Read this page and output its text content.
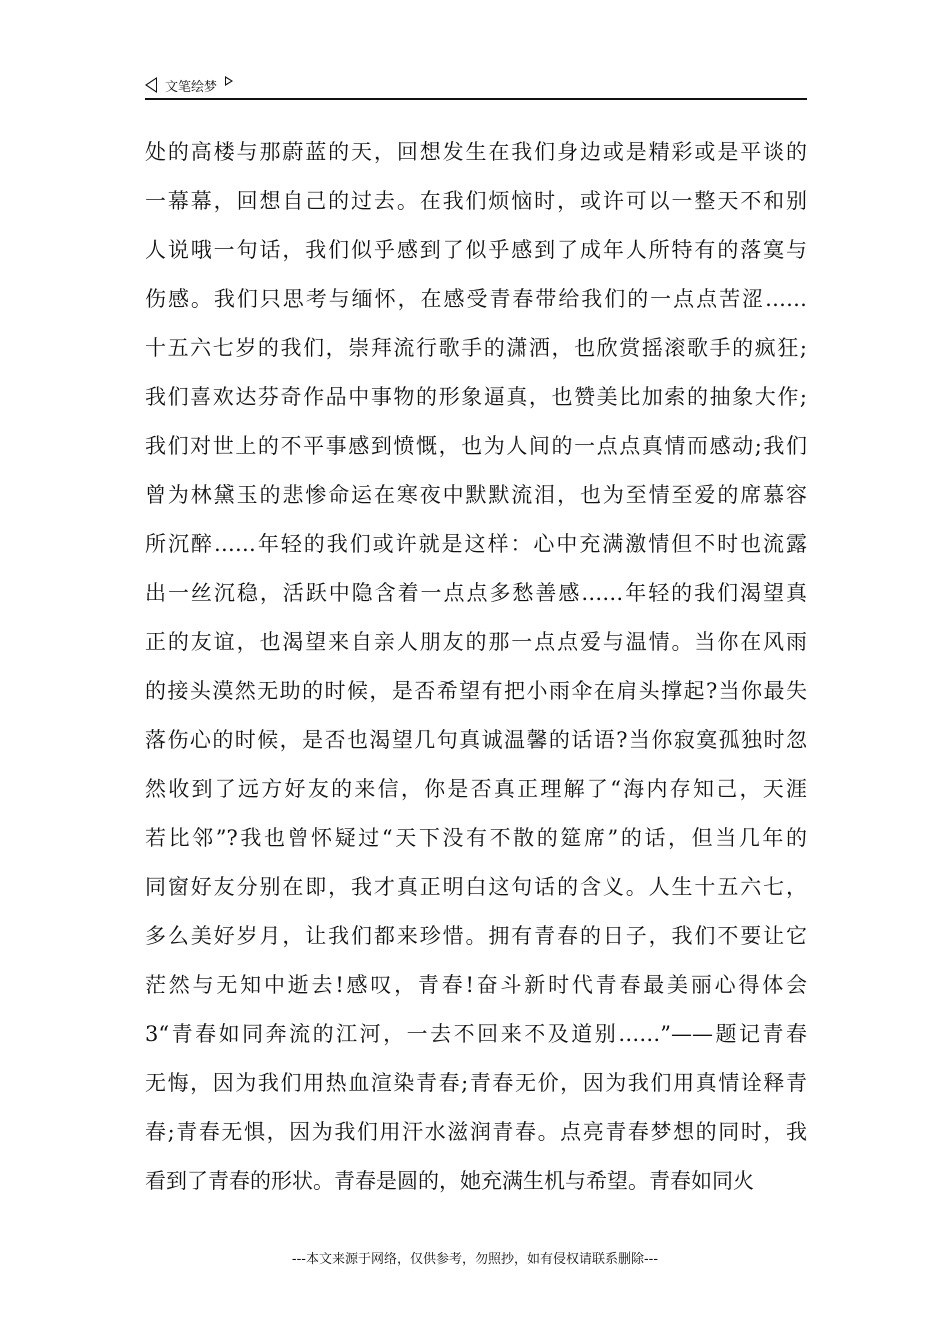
文笔绘梦
处的高楼与那蔚蓝的天，回想发生在我们身边或是精彩或是平谈的
一幕幕，回想自己的过去。在我们烦恼时，或许可以一整天不和别
人说哦一句话，我们似乎感到了似乎感到了成年人所特有的落寞与
伤感。我们只思考与缅怀，在感受青春带给我们的一点点苦涩……
十五六七岁的我们，崇拜流行歌手的潇洒，也欣赏摇滚歌手的疯狂;
我们喜欢达芬奇作品中事物的形象逼真，也赞美比加索的抽象大作;
我们对世上的不平事感到愤慨，也为人间的一点点真情而感动;我们
曾为林黛玉的悲惨命运在寒夜中默默流泪，也为至情至爱的席慕容
所沉醉……年轻的我们或许就是这样：心中充满激情但不时也流露
出一丝沉稳，活跃中隐含着一点点多愁善感……年轻的我们渴望真
正的友谊，也渴望来自亲人朋友的那一点点爱与温情。当你在风雨
的接头漠然无助的时候，是否希望有把小雨伞在肩头撑起?当你最失
落伤心的时候，是否也渴望几句真诚温馨的话语?当你寂寞孤独时忽
然收到了远方好友的来信，你是否真正理解了“海内存知己，天涯
若比邻”?我也曾怀疑过“天下没有不散的筵席”的话，但当几年的
同窗好友分别在即，我才真正明白这句话的含义。人生十五六七，
多么美好岁月，让我们都来珍惜。拥有青春的日子，我们不要让它
茫然与无知中逝去!感叹，青春!奋斗新时代青春最美丽心得体会
3“青春如同奔流的江河，一去不回来不及道别……”——题记青春
无悔，因为我们用热血渲染青春;青春无价，因为我们用真情诠释青
春;青春无惧，因为我们用汗水滋润青春。点亮青春梦想的同时，我
看到了青春的形状。青春是圆的，她充满生机与希望。青春如同火
---本文来源于网络，仅供参考，勿照抄，如有侵权请联系删除---
